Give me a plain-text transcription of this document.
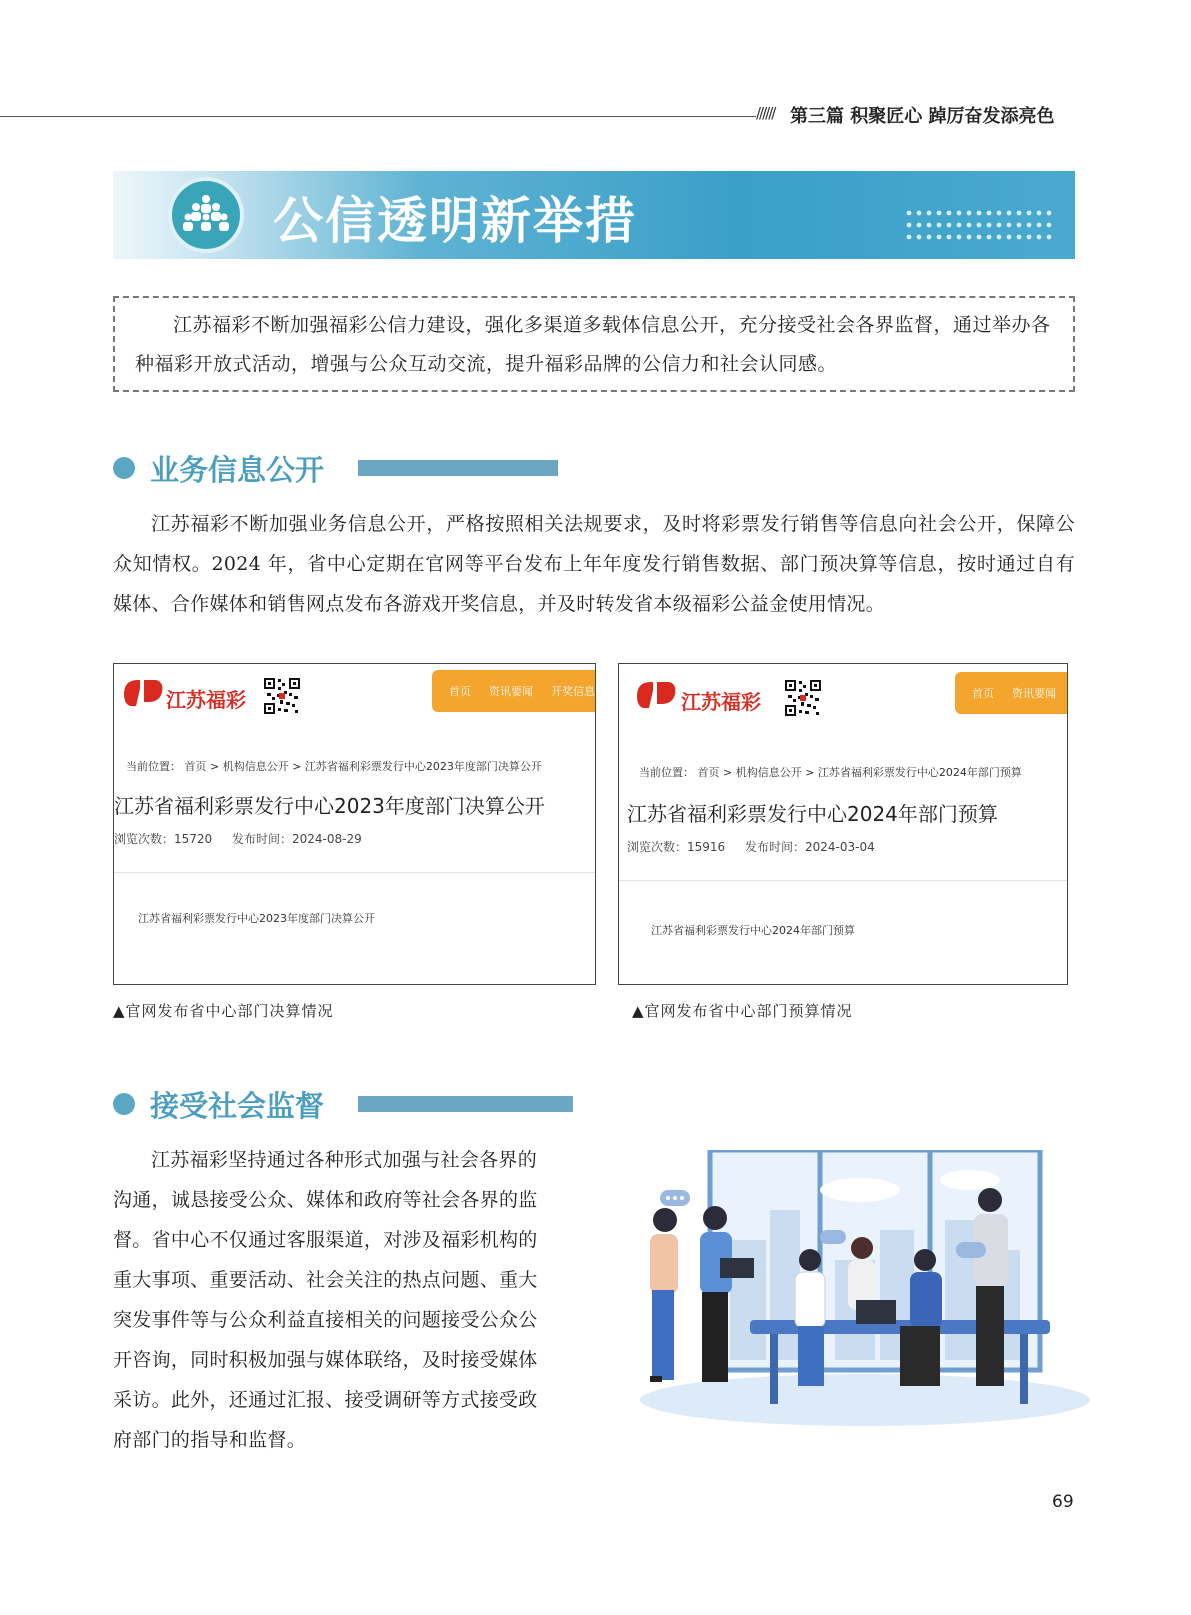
////// 第三篇 积聚匠心 踔厉奋发添亮色
公信透明新举措

江苏福彩不断加强福彩公信力建设，强化多渠道多载体信息公开，充分接受社会各界监督，通过举办各种福彩开放式活动，增强与公众互动交流，提升福彩品牌的公信力和社会认同感。

业务信息公开
江苏福彩不断加强业务信息公开，严格按照相关法规要求，及时将彩票发行销售等信息向社会公开，保障公众知情权。2024 年，省中心定期在官网等平台发布上年年度发行销售数据、部门预决算等信息，按时通过自有媒体、合作媒体和销售网点发布各游戏开奖信息，并及时转发省本级福彩公益金使用情况。
江苏福彩	首页 资讯要闻 开奖信息
当前位置： 首页 > 机构信息公开 > 江苏省福利彩票发行中心2023年度部门决算公开
江苏省福利彩票发行中心2023年度部门决算公开
浏览次数：15720 发布时间：2024-08-29
江苏省福利彩票发行中心2023年度部门决算公开
▲官网发布省中心部门决算情况
江苏福彩	首页 资讯要闻
当前位置： 首页 > 机构信息公开 > 江苏省福利彩票发行中心2024年部门预算
江苏省福利彩票发行中心2024年部门预算
浏览次数：15916 发布时间：2024-03-04
江苏省福利彩票发行中心2024年部门预算
▲官网发布省中心部门预算情况
接受社会监督
江苏福彩坚持通过各种形式加强与社会各界的
沟通，诚恳接受公众、媒体和政府等社会各界的监
督。省中心不仅通过客服渠道，对涉及福彩机构的
重大事项、重要活动、社会关注的热点问题、重大
突发事件等与公众利益直接相关的问题接受公众公
开咨询，同时积极加强与媒体联络，及时接受媒体
采访。此外，还通过汇报、接受调研等方式接受政
府部门的指导和监督。
69
